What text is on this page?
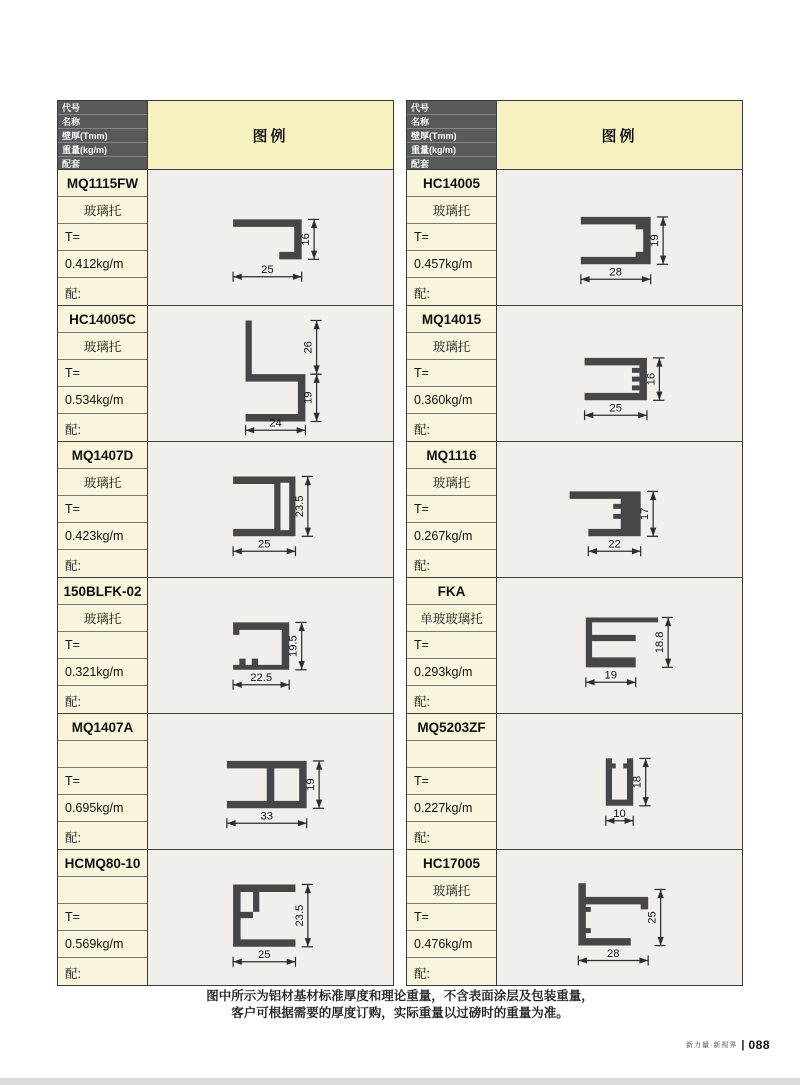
代号
名称
壁厚(Tmm)
重量(kg/m)
配套
图例
MQ1115FW
玻璃托
T=
0.412kg/m
配:
25
16
HC14005C
玻璃托
T=
0.534kg/m
配:	24
26
19
MQ1407D
玻璃托
T=
0.423kg/m
配:
25
23.5
150BLFK-02
玻璃托
T=
0.321kg/m
配:
22.5
19.5
MQ1407A
T=
0.695kg/m
配:
33
19
HCMQ80-10
T=
0.569kg/m
配:
25
23.5
代号
名称
壁厚(Tmm)
重量(kg/m)
配套
图例
HC14005
玻璃托
T=
0.457kg/m
配:
28
19
MQ14015
玻璃托
T=
0.360kg/m
配:
25
16
MQ1116
玻璃托
T=
0.267kg/m
配:
22
17
FKA
单玻玻璃托
T=
0.293kg/m
配:
19
18.8
MQ5203ZF
T=
0.227kg/m
配:
10
18
HC17005
玻璃托
T=
0.476kg/m
配:
28
25
图中所示为铝材基材标准厚度和理论重量，不含表面涂层及包装重量，
客户可根据需要的厚度订购，实际重量以过磅时的重量为准。
新力量·新视界 | 088
